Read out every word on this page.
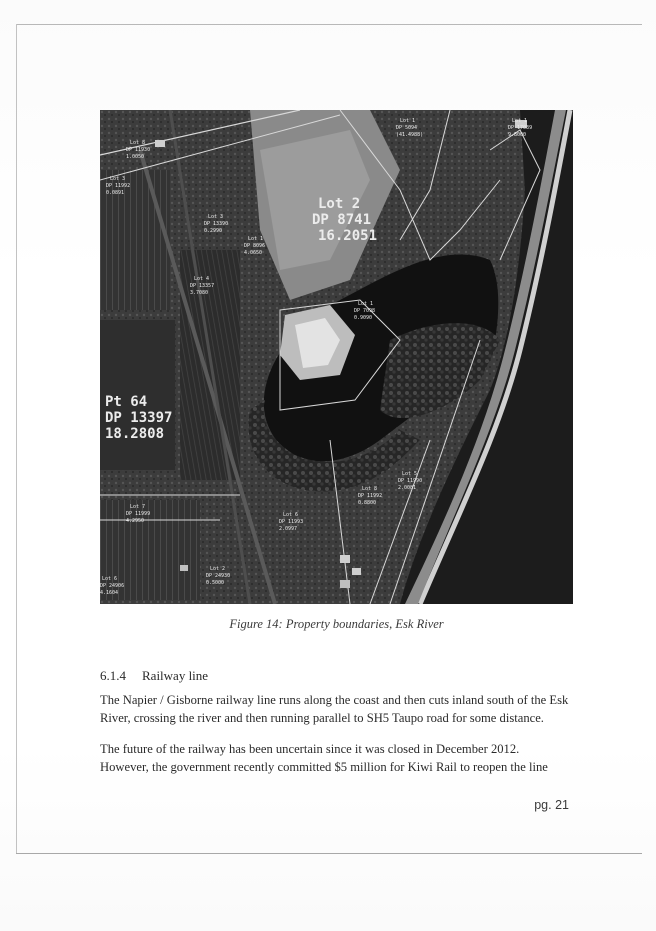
Lot 2
DP 8741
16.2051
Pt 64
DP 13397
18.2808
Lot 1
DP 5094
(41.4988)
Lot 3
DP 13390
0.2990
Lot 1
DP 8096
4.0650
Lot 4
DP 13357
3.7080
Lot 1
DP 7098
0.9090
Lot 5
DP 11990
2.0081
Lot 8
DP 11992
0.8800
Lot 6
DP 11993
2.0997
Lot 7
DP 11999
4.2950
Lot 2
DP 24930
0.5000
Lot 6
DP 24906
4.1604
Lot 1
DP 17039
9.8000
Lot 3
DP 11992
0.0891
Lot 8
DP 11930
1.0050

Figure 14: Property boundaries, Esk River

6.1.4 Railway line

The Napier / Gisborne railway line runs along the coast and then cuts inland south of the Esk River, crossing the river and then running parallel to SH5 Taupo road for some distance.

The future of the railway has been uncertain since it was closed in December 2012. However, the government recently committed $5 million for Kiwi Rail to reopen the line

pg. 21
